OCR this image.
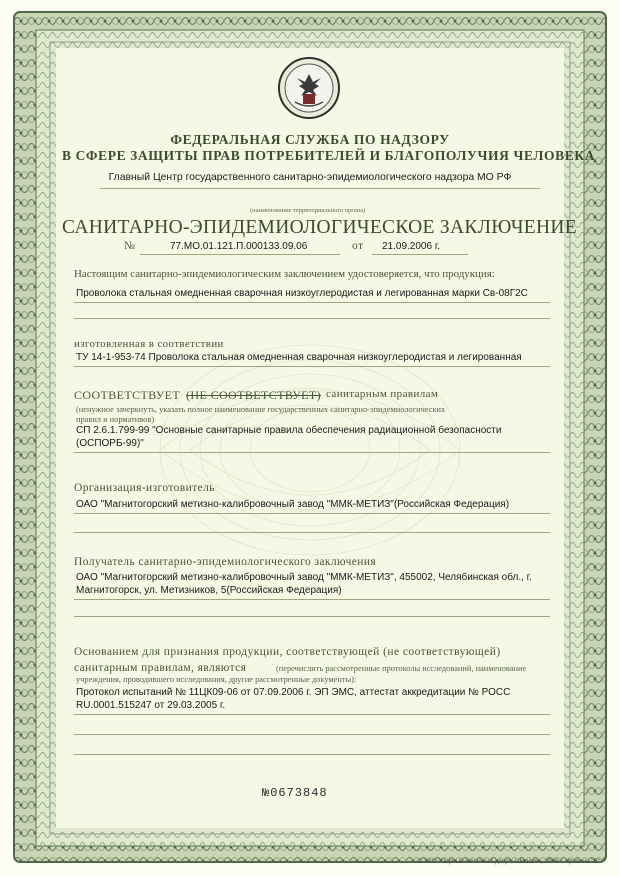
ФЕДЕРАЛЬНАЯ СЛУЖБА ПО НАДЗОРУ
В СФЕРЕ ЗАЩИТЫ ПРАВ ПОТРЕБИТЕЛЕЙ И БЛАГОПОЛУЧИЯ ЧЕЛОВЕКА
Главный Центр государственного санитарно-эпидемиологического надзора МО РФ
(наименование территориального органа)
САНИТАРНО-ЭПИДЕМИОЛОГИЧЕСКОЕ ЗАКЛЮЧЕНИЕ
№	77.МО.01.121.П.000133.09.06	от 21.09.2006 г.
Настоящим санитарно-эпидемиологическим заключением удостоверяется, что продукция:
Проволока стальная омедненная сварочная низкоуглеродистая и легированная марки Св-08Г2С
изготовленная в соответствии
ТУ 14-1-953-74 Проволока стальная омедненная сварочная низкоуглеродистая и легированная
СООТВЕТСТВУЕТ (НЕ СООТВЕТСТВУЕТ) санитарным правилам
(ненужное зачеркнуть, указать полное наименование государственных санитарно-эпидемиологических
правил и нормативов)
СП 2.6.1.799-99 "Основные санитарные правила обеспечения радиационной безопасности
(ОСПОРБ-99)"
Организация-изготовитель
ОАО "Магнитогорский метизно-калибровочный завод "ММК-МЕТИЗ"(Российская Федерация)
Получатель санитарно-эпидемиологического заключения
ОАО "Магнитогорский метизно-калибровочный завод "ММК-МЕТИЗ", 455002, Челябинская обл., г.
Магнитогорск, ул. Метизников, 5(Российская Федерация)
Основанием для признания продукции, соответствующей (не соответствующей)
санитарным правилам, являются	(перечислить рассмотренные протоколы исследований, наименование
учреждения, проводившего исследования, другие рассмотренные документы):
Протокол испытаний № 11ЦК09-06 от 07.09.2006 г. ЭП ЭМС, аттестат аккредитации № РОСС
RU.0001.515247 от 29.03.2005 г.
№0673848
© ЗАО "Первый печатный двор", г. Москва, 2006 г. Уровень "В"
